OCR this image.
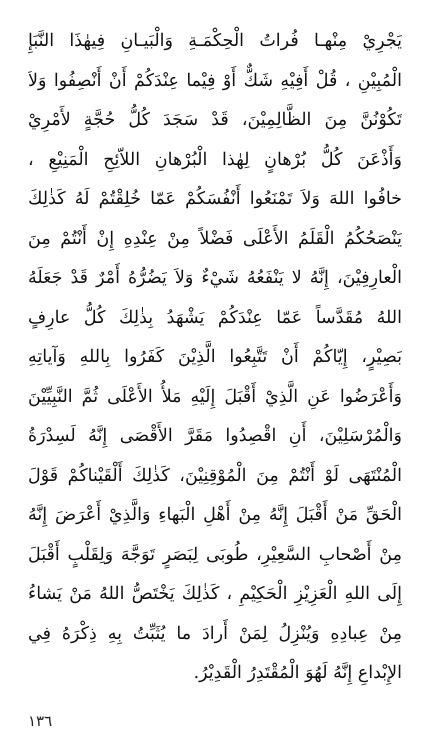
يَجْرِيْ مِنْهـا فُراتُ الْحِكْمَـةِ وَالْبَيـانِ فِيهٰذَا النَّبَإِ
الْمُبِيْنِ ، قُلْ أَفِيْهِ شَكٌّ أَوْ فِيْما عِنْدَكُمْ أَنْ أَنْصِفُوا وَلاَ
تَكُوْنُنَّ مِنَ الظَّالِمِيْنَ، قَدْ سَجَدَ كُلُّ حُجَّةٍ لأَمْرِيْ
وَأَذْعَنَ كُلُّ بُرْهانٍ لِهٰذا الْبُرْهانِ اللاّئِحِ الْمَنِيْعِ ،
خافُوا اللهَ وَلاَ تَمْنَعُوا أَنْفُسَكُمْ عَمّا خُلِقْتُمْ لَهُ كَذٰلِكَ
يَنْصَحُكُمُ الْقَلَمُ الأَعْلَى فَضْلاً مِنْ عِنْدِهِ إِنْ أَنْتُمْ مِنَ
الْعارِفِيْنَ، إِنَّهُ لا يَنْفَعُهُ شَيْءٌ وَلاَ يَضُرُّهُ أَمْرٌ قَدْ جَعَلَهُ
اللهُ مُقَدَّساً عَمّا عِنْدَكُمْ يَشْهَدُ بِذٰلِكَ كُلُّ عارِفٍ
بَصِيْرٍ، إِيّاكُمْ أَنْ تَتَّبِعُوا الَّذِيْنَ كَفَرُوا بِاللهِ وَآياتِهِ
وَأَعْرَضُوا عَنِ الَّذِيْ أَقْبَلَ إِلَيْهِ مَلأُ الأَعْلَى ثُمَّ النَّبِيِّيْنَ
وَالْمُرْسَلِيْنَ، أَنِ اقْصِدُوا مَقَرَّ الأَقْصَى إِنَّهُ لَسِدْرَةُ
الْمُنْتَهَى لَوْ أَنْتُمْ مِنَ الْمُوْقِنِيْنَ، كَذٰلِكَ أَلْقَيْناكُمْ قَوْلَ
الْحَقِّ مَنْ أَقْبَلَ إِنَّهُ مِنْ أَهْلِ الْبَهاءِ وَالَّذِيْ أَعْرَضَ إِنَّهُ
مِنْ أَصْحابِ السَّعِيْرِ، طُوبَى لِبَصَرٍ تَوَجَّهَ وَلِقَلْبٍ أَقْبَلَ
إِلَى اللهِ الْعَزِيْزِ الْحَكِيْمِ ، كَذٰلِكَ يَخْتَصُّ اللهُ مَنْ يَشاءُ
مِنْ عِبادِهِ وَيُنْزِلُ لِمَنْ أَرادَ ما يُثَبِّتُ بِهِ ذِكْرَهُ فِي
الإِبْداعِ إِنَّهُ لَهُوَ الْمُقْتَدِرُ الْقَدِيْرُ.
١٣٦
